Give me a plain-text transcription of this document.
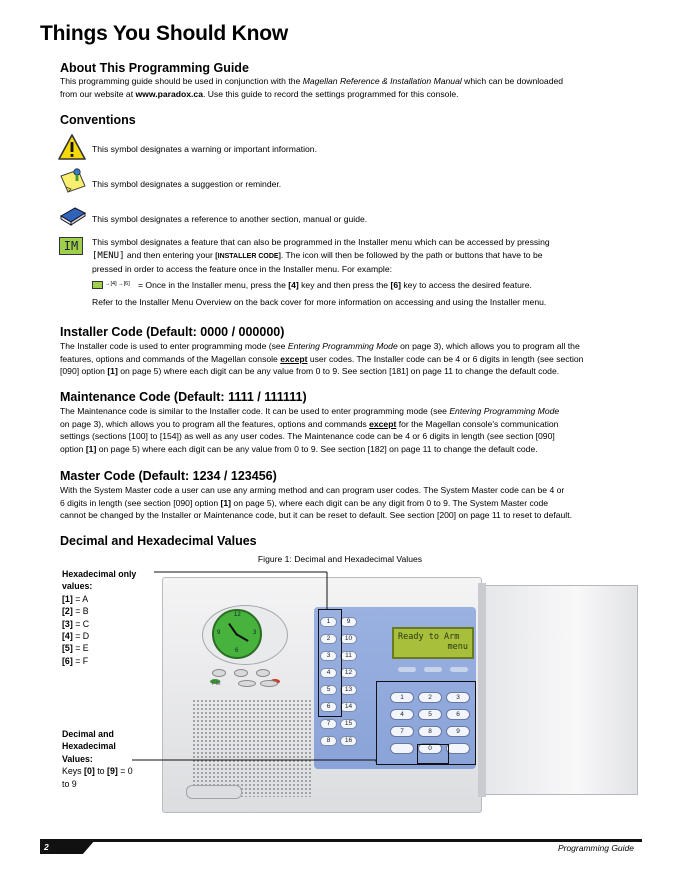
Things You Should Know
About This Programming Guide
This programming guide should be used in conjunction with the Magellan Reference & Installation Manual which can be downloaded
from our website at www.paradox.ca. Use this guide to record the settings programmed for this console.
Conventions
This symbol designates a warning or important information.
This symbol designates a suggestion or reminder.
This symbol designates a reference to another section, manual or guide.
IM	This symbol designates a feature that can also be programmed in the Installer menu which can be accessed by pressing
[MENU] and then entering your [INSTALLER CODE]. The icon will then be followed by the path or buttons that have to be
pressed in order to access the feature once in the Installer menu. For example:
→[4] →[6] = Once in the Installer menu, press the [4] key and then press the [6] key to access the desired feature.
Refer to the Installer Menu Overview on the back cover for more information on accessing and using the Installer menu.
Installer Code (Default: 0000 / 000000)
The Installer code is used to enter programming mode (see Entering Programming Mode on page 3), which allows you to program all the
features, options and commands of the Magellan console except user codes. The Installer code can be 4 or 6 digits in length (see section
[090] option [1] on page 5) where each digit can be any value from 0 to 9. See section [181] on page 11 to change the default code.
Maintenance Code (Default: 1111 / 111111)
The Maintenance code is similar to the Installer code. It can be used to enter programming mode (see Entering Programming Mode
on page 3), which allows you to program all the features, options and commands except for the Magellan console's communication
settings (sections [100] to [154]) as well as any user codes. The Maintenance code can be 4 or 6 digits in length (see section [090]
option [1] on page 5) where each digit can be any value from 0 to 9. See section [182] on page 11 to change the default code.
Master Code (Default: 1234 / 123456)
With the System Master code a user can use any arming method and can program user codes. The System Master code can be 4 or
6 digits in length (see section [090] option [1] on page 5), where each digit can be any digit from 0 to 9. The System Master code
cannot be changed by the Installer or Maintenance code, but it can be reset to default. See section [200] on page 11 to reset to default.
Decimal and Hexadecimal Values
Figure 1: Decimal and Hexadecimal Values
Hexadecimal only
values:
[1] = A
[2] = B
[3] = C
[4] = D
[5] = E
[6] = F
Decimal and
Hexadecimal
Values:
Keys [0] to [9] = 0
to 9
12
3
6
9
FM
1	9
2	10
3	11
4	12
5	13
6	14
7	15
8	16
Ready to Arm
menu
1	2	3
4	5	6
7	8	9
0
2	Programming Guide
